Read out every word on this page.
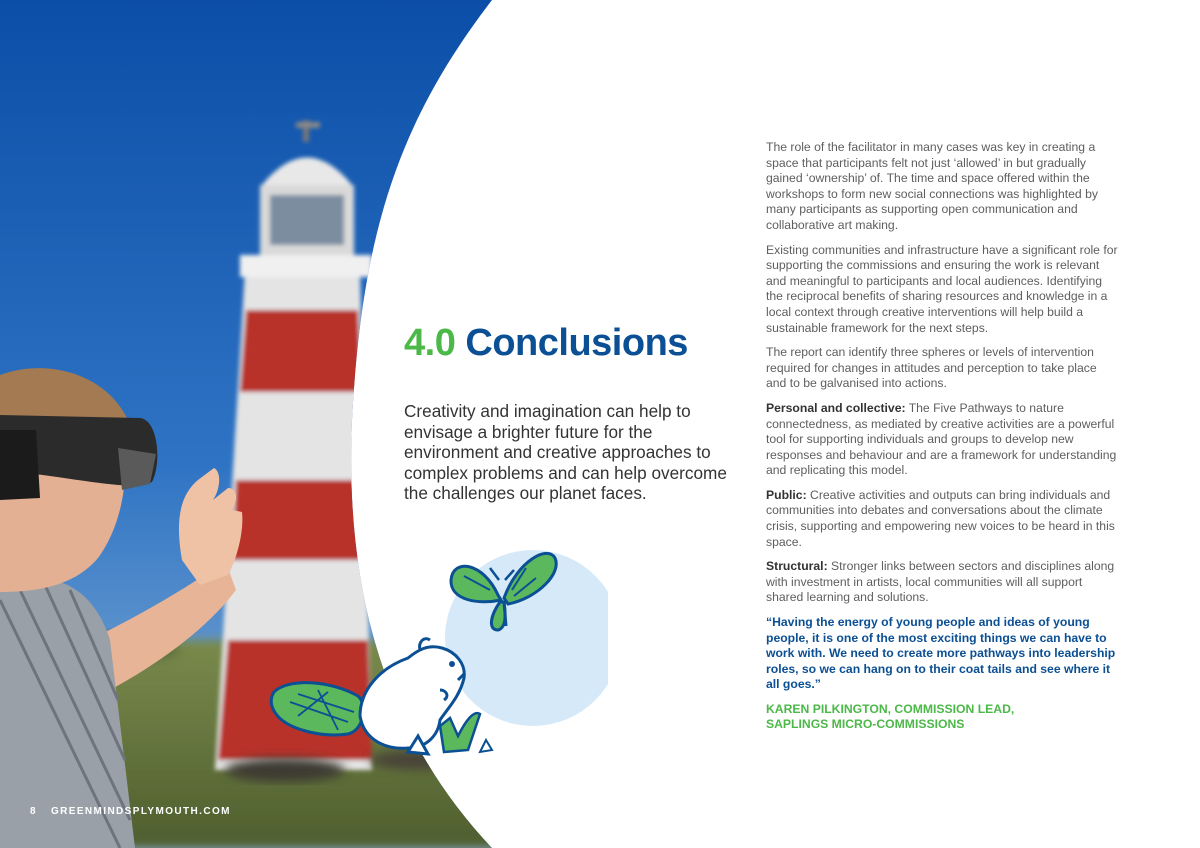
8 GREENMINDSPLYMOUTH.COM
4.0 Conclusions
Creativity and imagination can help to envisage a brighter future for the environment and creative approaches to complex problems and can help overcome the challenges our planet faces.

The role of the facilitator in many cases was key in creating a space that participants felt not just ‘allowed’ in but gradually gained ‘ownership’ of. The time and space offered within the workshops to form new social connections was highlighted by many participants as supporting open communication and collaborative art making.

Existing communities and infrastructure have a significant role for supporting the commissions and ensuring the work is relevant and meaningful to participants and local audiences. Identifying the reciprocal benefits of sharing resources and knowledge in a local context through creative interventions will help build a sustainable framework for the next steps.

The report can identify three spheres or levels of intervention required for changes in attitudes and perception to take place and to be galvanised into actions.

Personal and collective: The Five Pathways to nature connectedness, as mediated by creative activities are a powerful tool for supporting individuals and groups to develop new responses and behaviour and are a framework for understanding and replicating this model.

Public: Creative activities and outputs can bring individuals and communities into debates and conversations about the climate crisis, supporting and empowering new voices to be heard in this space.

Structural: Stronger links between sectors and disciplines along with investment in artists, local communities will all support shared learning and solutions.

“Having the energy of young people and ideas of young people, it is one of the most exciting things we can have to work with. We need to create more pathways into leadership roles, so we can hang on to their coat tails and see where it all goes.”

KAREN PILKINGTON, COMMISSION LEAD,
SAPLINGS MICRO-COMMISSIONS
